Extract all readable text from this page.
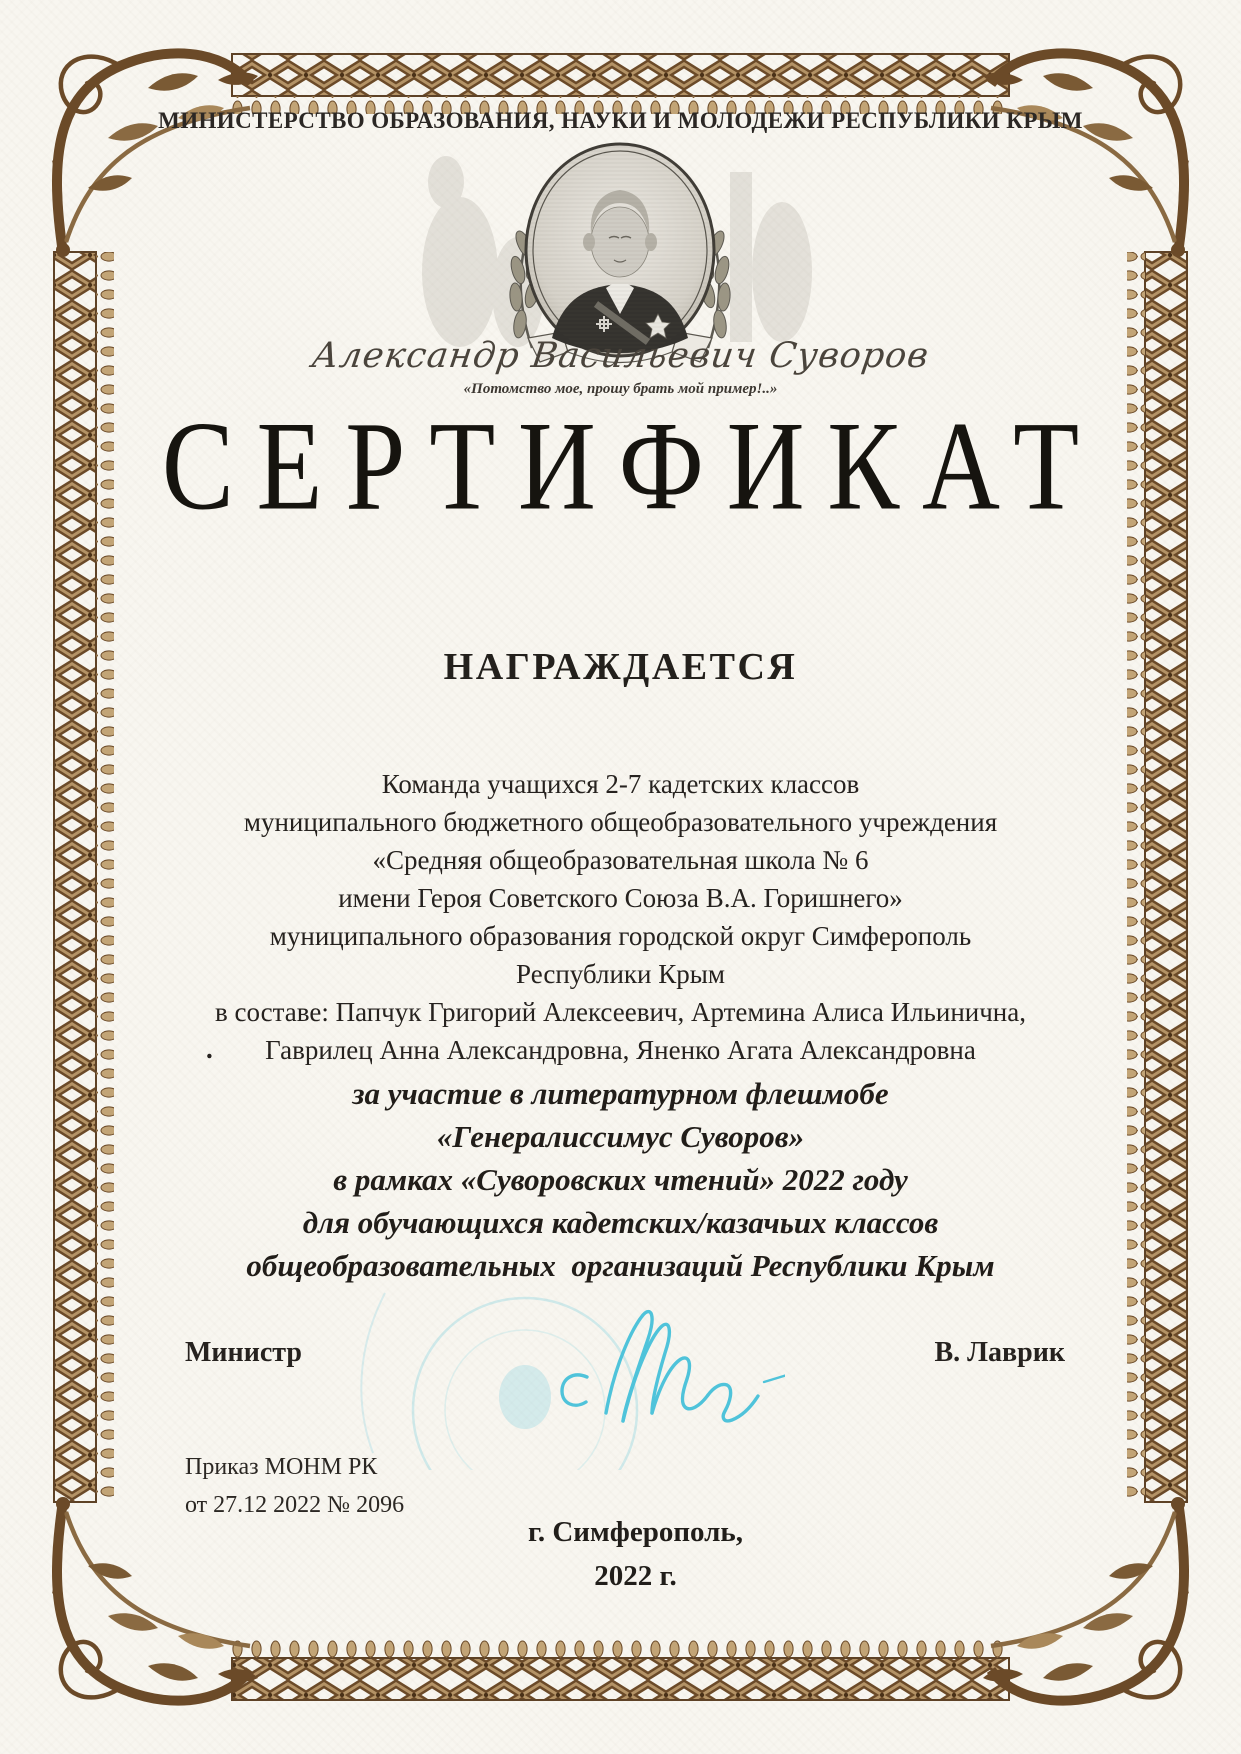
МИНИСТЕРСТВО ОБРАЗОВАНИЯ, НАУКИ И МОЛОДЕЖИ РЕСПУБЛИКИ КРЫМ
Александр Васильевич Суворов
«Потомство мое, прошу брать мой пример!..»
СЕРТИФИКАТ
НАГРАЖДАЕТСЯ
Команда учащихся 2-7 кадетских классов
муниципального бюджетного общеобразовательного учреждения
«Средняя общеобразовательная школа № 6
имени Героя Советского Союза В.А. Горишнего»
муниципального образования городской округ Симферополь
Республики Крым
в составе: Папчук Григорий Алексеевич, Артемина Алиса Ильинична,
Гаврилец Анна Александровна, Яненко Агата Александровна
.
за участие в литературном флешмобе
«Генералиссимус Суворов»
в рамках «Суворовских чтений» 2022 году
для обучающихся кадетских/казачьих классов
общеобразовательных  организаций Республики Крым
Министр	В. Лаврик
Приказ МОНМ РК
от 27.12 2022 № 2096
г. Симферополь,
2022 г.
